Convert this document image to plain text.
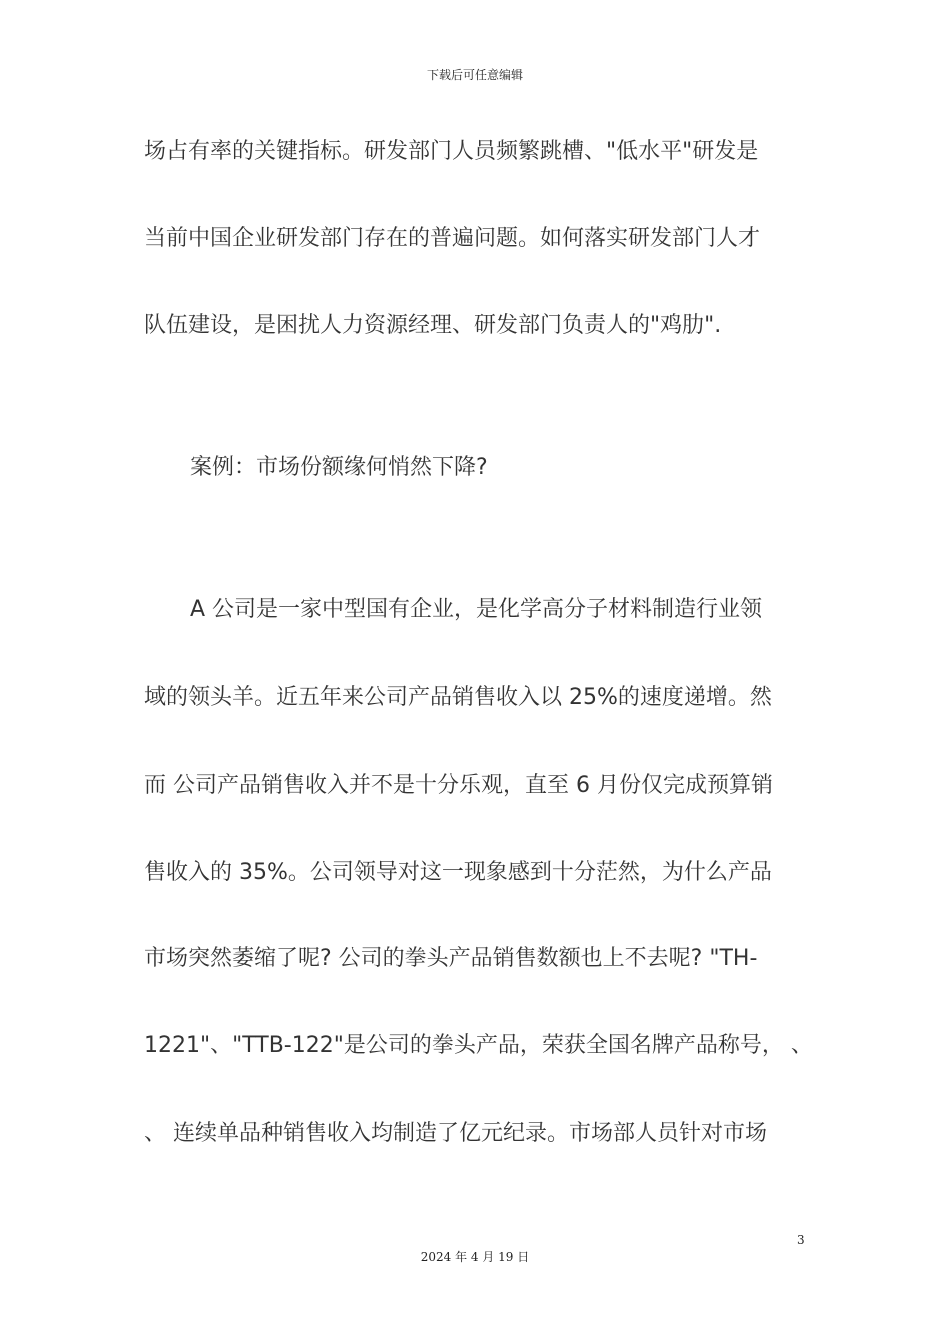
下载后可任意编辑
场占有率的关键指标。研发部门人员频繁跳槽、"低水平"研发是
当前中国企业研发部门存在的普遍问题。如何落实研发部门人才
队伍建设，是困扰人力资源经理、研发部门负责人的"鸡肋".
案例：市场份额缘何悄然下降?
A 公司是一家中型国有企业，是化学高分子材料制造行业领
域的领头羊。近五年来公司产品销售收入以 25%的速度递增。然
而 公司产品销售收入并不是十分乐观，直至 6 月份仅完成预算销
售收入的 35%。公司领导对这一现象感到十分茫然，为什么产品
市场突然萎缩了呢? 公司的拳头产品销售数额也上不去呢? "TH-
1221"、"TTB-122"是公司的拳头产品，荣获全国名牌产品称号， 、
、 连续单品种销售收入均制造了亿元纪录。市场部人员针对市场
3
2024 年 4 月 19 日
